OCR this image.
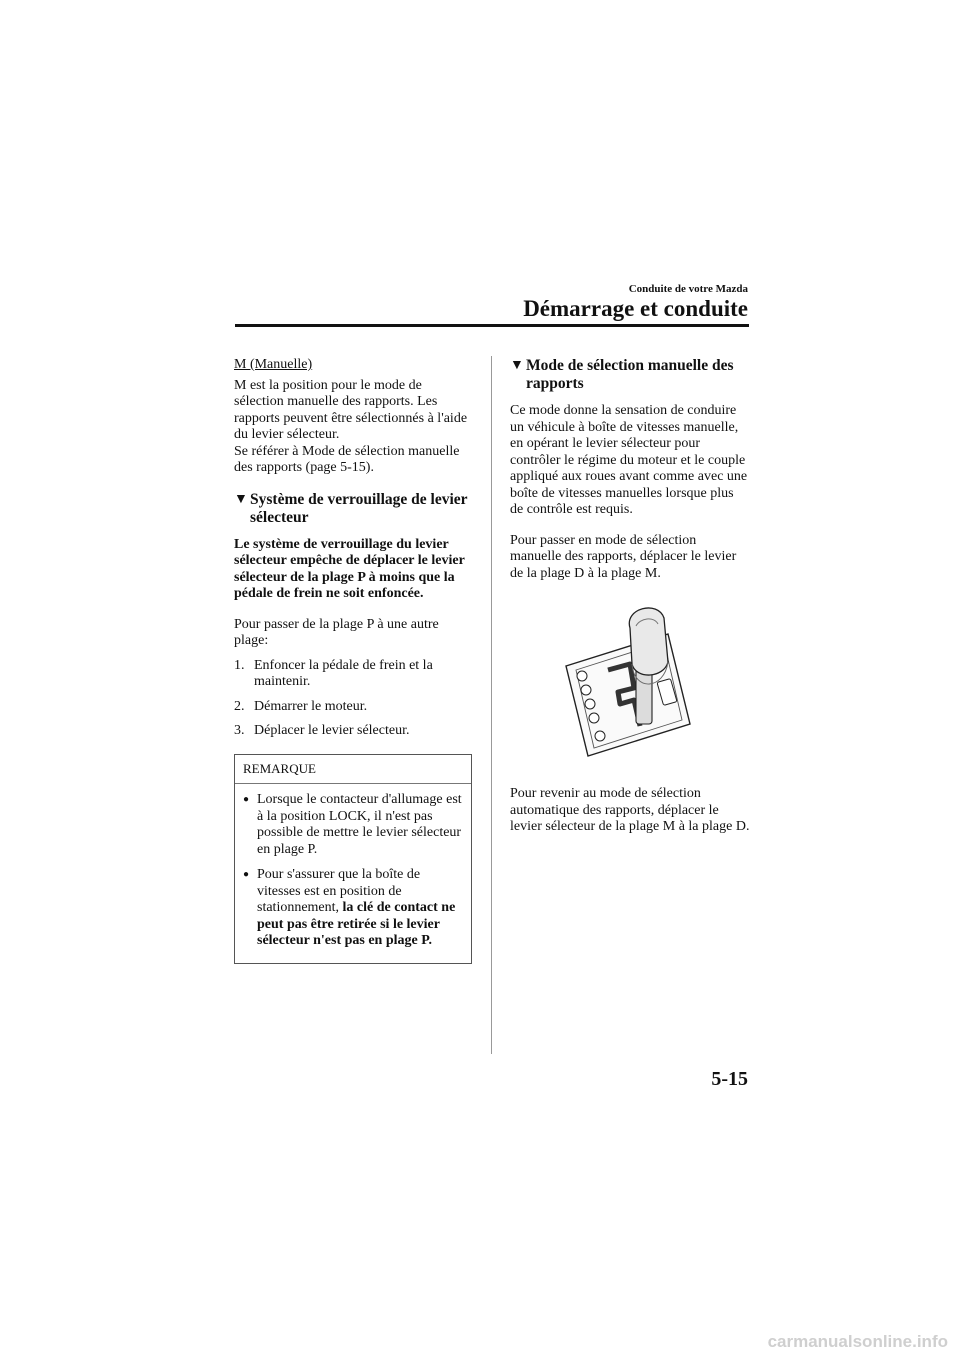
Conduite de votre Mazda
Démarrage et conduite

M (Manuelle)

M est la position pour le mode de sélection manuelle des rapports. Les rapports peuvent être sélectionnés à l'aide du levier sélecteur.

Se référer à Mode de sélection manuelle des rapports (page 5-15).

▼ Système de verrouillage de levier sélecteur

Le système de verrouillage du levier sélecteur empêche de déplacer le levier sélecteur de la plage P à moins que la pédale de frein ne soit enfoncée.

Pour passer de la plage P à une autre plage:

1. Enfoncer la pédale de frein et la maintenir.
2. Démarrer le moteur.
3. Déplacer le levier sélecteur.
REMARQUE
● Lorsque le contacteur d'allumage est à la position LOCK, il n'est pas possible de mettre le levier sélecteur en plage P.
● Pour s'assurer que la boîte de vitesses est en position de stationnement, la clé de contact ne peut pas être retirée si le levier sélecteur n'est pas en plage P.
▼ Mode de sélection manuelle des rapports

Ce mode donne la sensation de conduire un véhicule à boîte de vitesses manuelle, en opérant le levier sélecteur pour contrôler le régime du moteur et le couple appliqué aux roues avant comme avec une boîte de vitesses manuelles lorsque plus de contrôle est requis.

Pour passer en mode de sélection manuelle des rapports, déplacer le levier de la plage D à la plage M.

Pour revenir au mode de sélection automatique des rapports, déplacer le levier sélecteur de la plage M à la plage D.

5-15
carmanualsonline.info
